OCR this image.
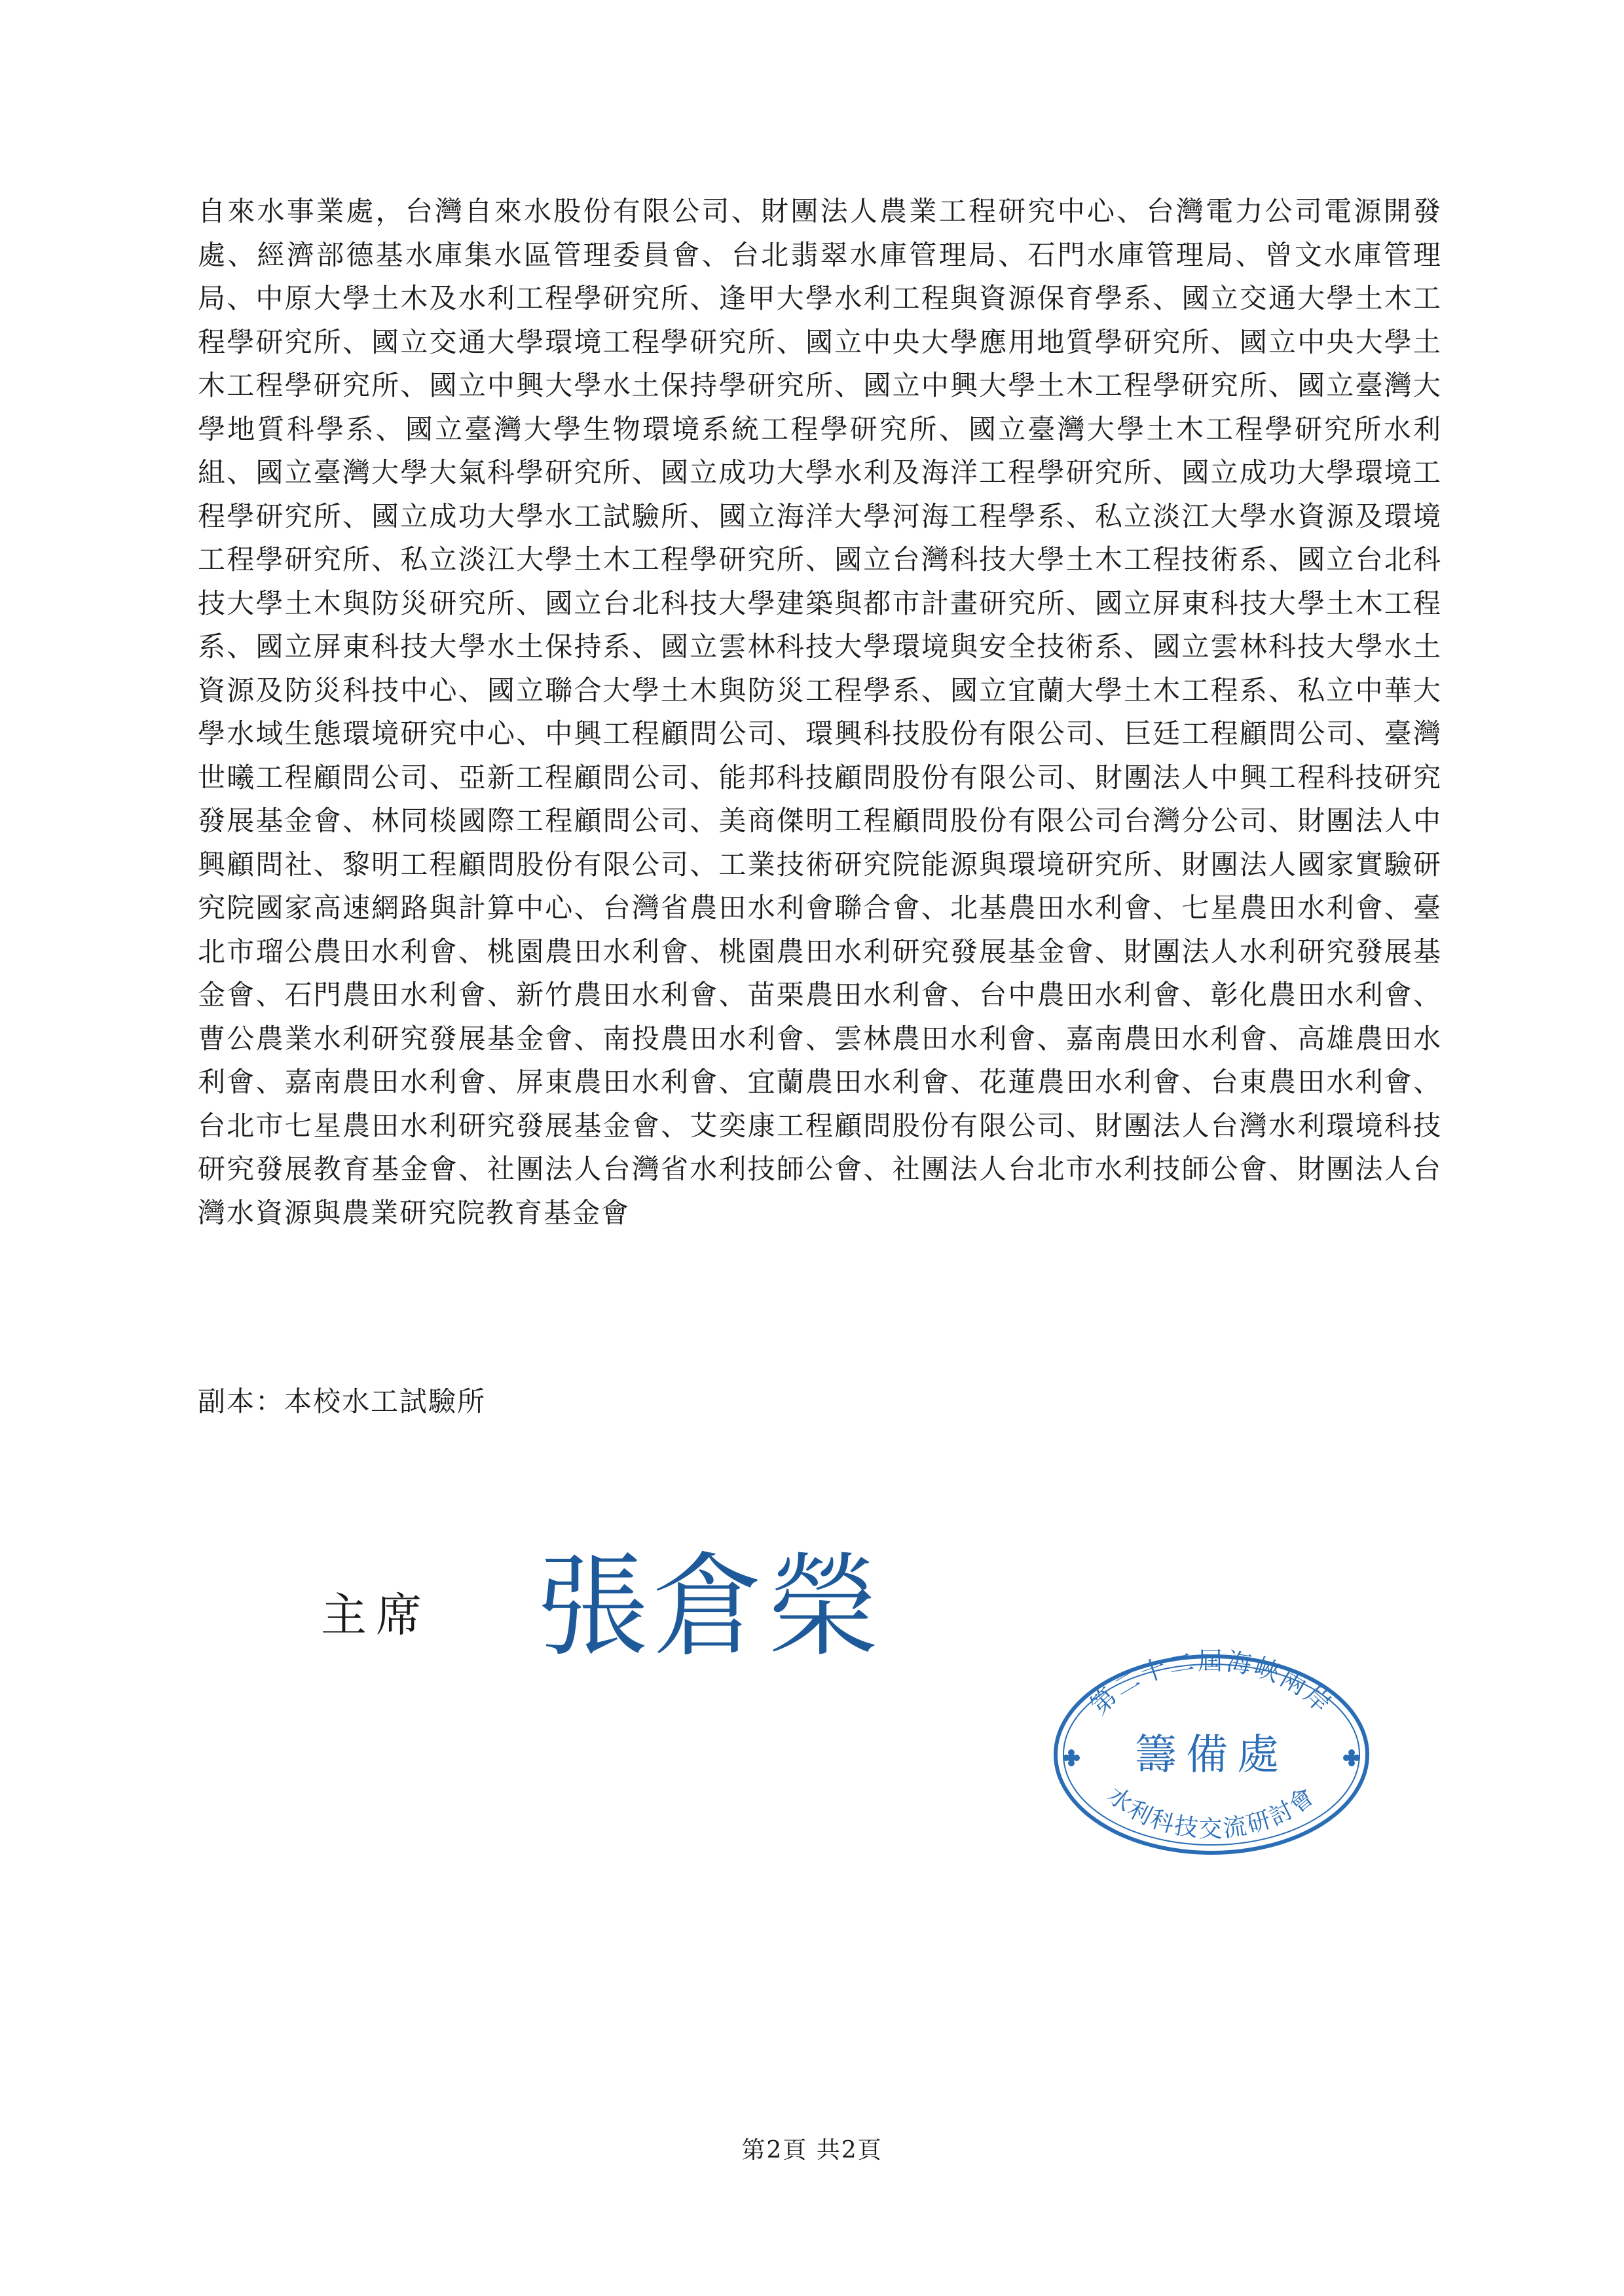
自來水事業處，台灣自來水股份有限公司、財團法人農業工程研究中心、台灣電力公司電源開發處、經濟部德基水庫集水區管理委員會、台北翡翠水庫管理局、石門水庫管理局、曾文水庫管理局、中原大學土木及水利工程學研究所、逢甲大學水利工程與資源保育學系、國立交通大學土木工程學研究所、國立交通大學環境工程學研究所、國立中央大學應用地質學研究所、國立中央大學土木工程學研究所、國立中興大學水土保持學研究所、國立中興大學土木工程學研究所、國立臺灣大學地質科學系、國立臺灣大學生物環境系統工程學研究所、國立臺灣大學土木工程學研究所水利組、國立臺灣大學大氣科學研究所、國立成功大學水利及海洋工程學研究所、國立成功大學環境工程學研究所、國立成功大學水工試驗所、國立海洋大學河海工程學系、私立淡江大學水資源及環境工程學研究所、私立淡江大學土木工程學研究所、國立台灣科技大學土木工程技術系、國立台北科技大學土木與防災研究所、國立台北科技大學建築與都市計畫研究所、國立屏東科技大學土木工程系、國立屏東科技大學水土保持系、國立雲林科技大學環境與安全技術系、國立雲林科技大學水土資源及防災科技中心、國立聯合大學土木與防災工程學系、國立宜蘭大學土木工程系、私立中華大學水域生態環境研究中心、中興工程顧問公司、環興科技股份有限公司、巨廷工程顧問公司、臺灣世曦工程顧問公司、亞新工程顧問公司、能邦科技顧問股份有限公司、財團法人中興工程科技研究發展基金會、林同棪國際工程顧問公司、美商傑明工程顧問股份有限公司台灣分公司、財團法人中興顧問社、黎明工程顧問股份有限公司、工業技術研究院能源與環境研究所、財團法人國家實驗研究院國家高速網路與計算中心、台灣省農田水利會聯合會、北基農田水利會、七星農田水利會、臺北市瑠公農田水利會、桃園農田水利會、桃園農田水利研究發展基金會、財團法人水利研究發展基金會、石門農田水利會、新竹農田水利會、苗栗農田水利會、台中農田水利會、彰化農田水利會、曹公農業水利研究發展基金會、南投農田水利會、雲林農田水利會、嘉南農田水利會、高雄農田水利會、嘉南農田水利會、屏東農田水利會、宜蘭農田水利會、花蓮農田水利會、台東農田水利會、台北市七星農田水利研究發展基金會、艾奕康工程顧問股份有限公司、財團法人台灣水利環境科技研究發展教育基金會、社團法人台灣省水利技師公會、社團法人台北市水利技師公會、財團法人台灣水資源與農業研究院教育基金會

副本：本校水工試驗所
主席 張倉榮
第二十二屆海峽兩岸
籌備處
水利科技交流研討會
第2頁 共2頁
